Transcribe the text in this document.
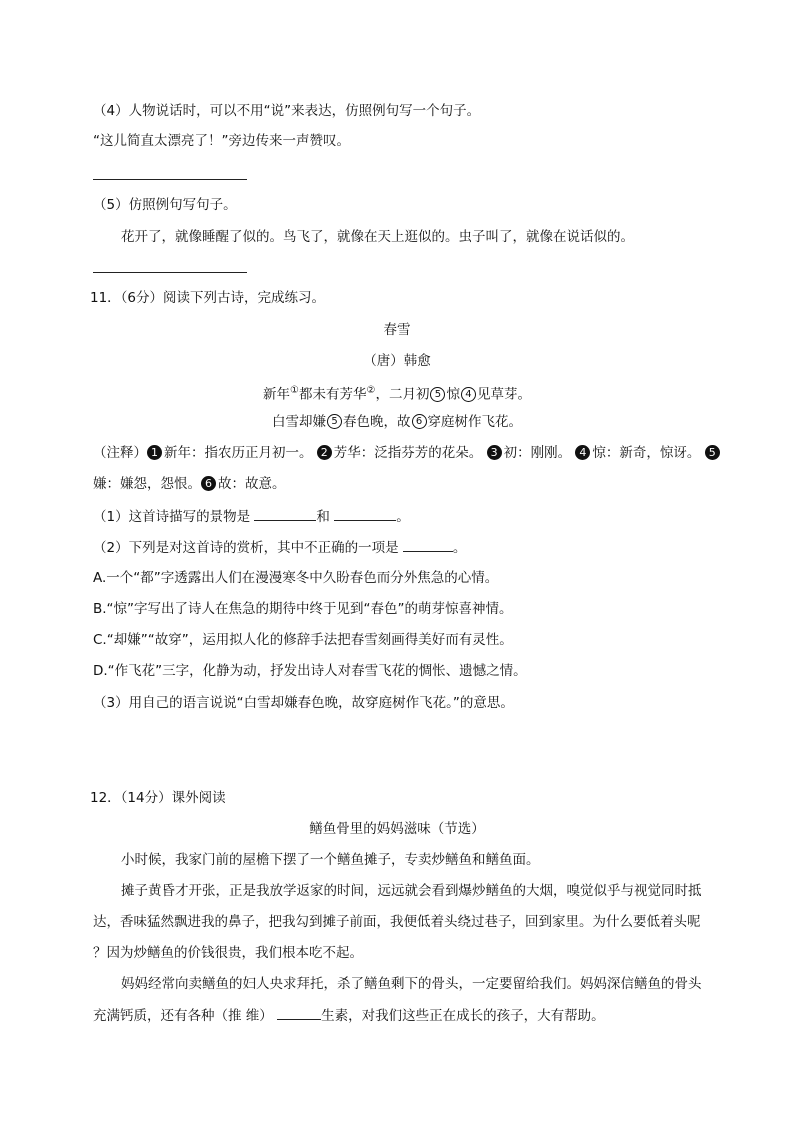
（4）人物说话时，可以不用“说”来表达，仿照例句写一个句子。
“这儿简直太漂亮了！”旁边传来一声赞叹。
（5）仿照例句写句子。
花开了，就像睡醒了似的。鸟飞了，就像在天上逛似的。虫子叫了，就像在说话似的。
11．（6分）阅读下列古诗，完成练习。
春雪
（唐）韩愈
新年①都未有芳华②，二月初 5 惊 4 见草芽。
白雪却嫌 5 春色晚，故 6 穿庭树作飞花。
（注释） 1 新年：指农历正月初一。 2 芳华：泛指芬芳的花朵。 3 初：刚刚。 4 惊：新奇，惊讶。 5
嫌：嫌怨，怨恨。 6 故：故意。
（1）这首诗描写的景物是	和	。
（2）下列是对这首诗的赏析，其中不正确的一项是	。
A.一个“都”字透露出人们在漫漫寒冬中久盼春色而分外焦急的心情。
B.“惊”字写出了诗人在焦急的期待中终于见到“春色”的萌芽惊喜神情。
C.“却嫌”“故穿”，运用拟人化的修辞手法把春雪刻画得美好而有灵性。
D.“作飞花”三字，化静为动，抒发出诗人对春雪飞花的惆怅、遗憾之情。
（3）用自己的语言说说“白雪却嫌春色晚，故穿庭树作飞花。”的意思。
12．（14分）课外阅读
鳝鱼骨里的妈妈滋味（节选）
小时候，我家门前的屋檐下摆了一个鳝鱼摊子，专卖炒鳝鱼和鳝鱼面。
摊子黄昏才开张，正是我放学返家的时间，远远就会看到爆炒鳝鱼的大烟，嗅觉似乎与视觉同时抵
达，香味猛然飘进我的鼻子，把我勾到摊子前面，我便低着头绕过巷子，回到家里。为什么要低着头呢
？因为炒鳝鱼的价钱很贵，我们根本吃不起。
妈妈经常向卖鳝鱼的妇人央求拜托，杀了鳝鱼剩下的骨头，一定要留给我们。妈妈深信鳝鱼的骨头
充满钙质，还有各种（推 维）	生素，对我们这些正在成长的孩子，大有帮助。
